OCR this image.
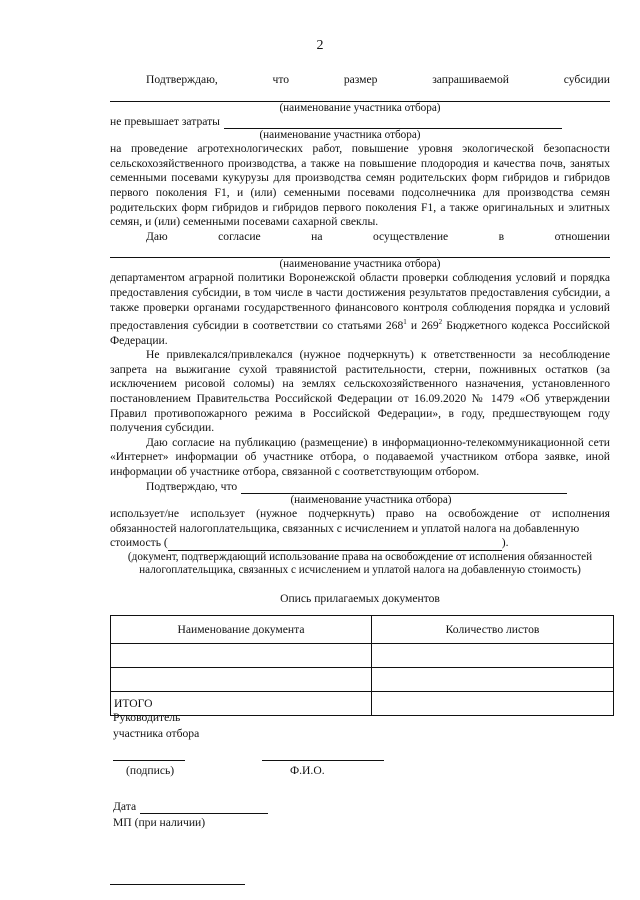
2
Подтверждаю,	что	размер	запрашиваемой	субсидии
(наименование участника отбора)
не превышает затраты
(наименование участника отбора)

на проведение агротехнологических работ, повышение уровня экологической безопасности сельскохозяйственного производства, а также на повышение плодородия и качества почв, занятых семенными посевами кукурузы для производства семян родительских форм гибридов и гибридов первого поколения F1, и (или) семенными посевами подсолнечника для производства семян родительских форм гибридов и гибридов первого поколения F1, а также оригинальных и элитных семян, и (или) семенными посевами сахарной свеклы.

Даю	согласие	на	осуществление	в	отношении
(наименование участника отбора)

департаментом аграрной политики Воронежской области проверки соблюдения условий и порядка предоставления субсидии, в том числе в части достижения результатов предоставления субсидии, а также проверки органами государственного финансового контроля соблюдения порядка и условий предоставления субсидии в соответствии со статьями $268^1$ и $269^2$ Бюджетного кодекса Российской Федерации.

Не привлекался/привлекался (нужное подчеркнуть) к ответственности за несоблюдение запрета на выжигание сухой травянистой растительности, стерни, пожнивных остатков (за исключением рисовой соломы) на землях сельскохозяйственного назначения, установленного постановлением Правительства Российской Федерации от 16.09.2020 № 1479 «Об утверждении Правил противопожарного режима в Российской Федерации», в году, предшествующем году получения субсидии.

Даю согласие на публикацию (размещение) в информационно-телекоммуникационной сети «Интернет» информации об участнике отбора, о подаваемой участником отбора заявке, иной информации об участнике отбора, связанной с соответствующим отбором.

Подтверждаю, что
(наименование участника отбора)

использует/не использует (нужное подчеркнуть) право на освобождение от исполнения обязанностей налогоплательщика, связанных с исчислением и уплатой налога на добавленную

стоимость (	).
(документ, подтверждающий использование права на освобождение от исполнения обязанностей налогоплательщика, связанных с исчислением и уплатой налога на добавленную стоимость)
Опись прилагаемых документов
Наименование документа	Количество листов

ИТОГО	
Руководитель
участника отбора
(подпись)	Ф.И.О.
Дата
МП (при наличии)
